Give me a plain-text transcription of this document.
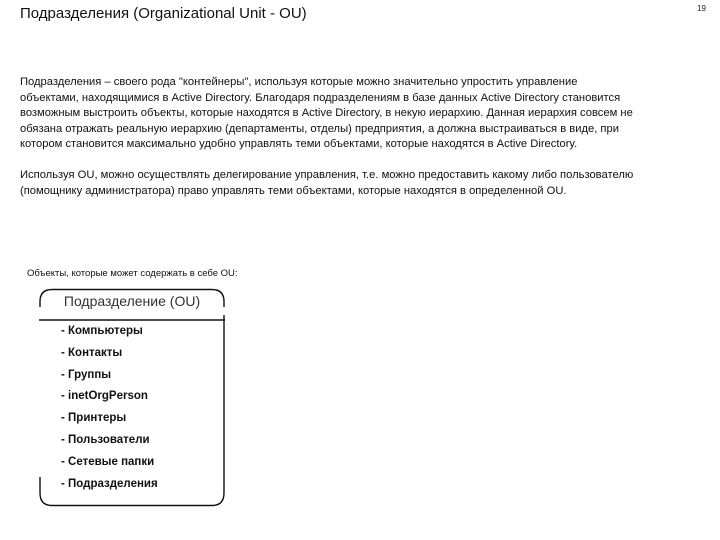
Подразделения (Organizational Unit - OU)	19

Подразделения – своего рода "контейнеры", используя которые можно значительно упростить управление объектами, находящимися в Active Directory. Благодаря подразделениям в базе данных Active Directory становится возможным выстроить объекты, которые находятся в Active Directory, в некую иерархию. Данная иерархия совсем не обязана отражать реальную иерархию (департаменты, отделы) предприятия, а должна выстраиваться в виде, при котором становится максимально удобно управлять теми объектами, которые находятся в Active Directory.

Используя OU, можно осуществлять делегирование управления, т.е. можно предоставить какому либо пользователю (помощнику администратора) право управлять теми объектами, которые находятся в определенной OU.

Объекты, которые может содержать в себе OU:
Подразделение (OU)
- Компьютеры
- Контакты
- Группы
- inetOrgPerson
- Принтеры
- Пользователи
- Сетевые папки
- Подразделения
